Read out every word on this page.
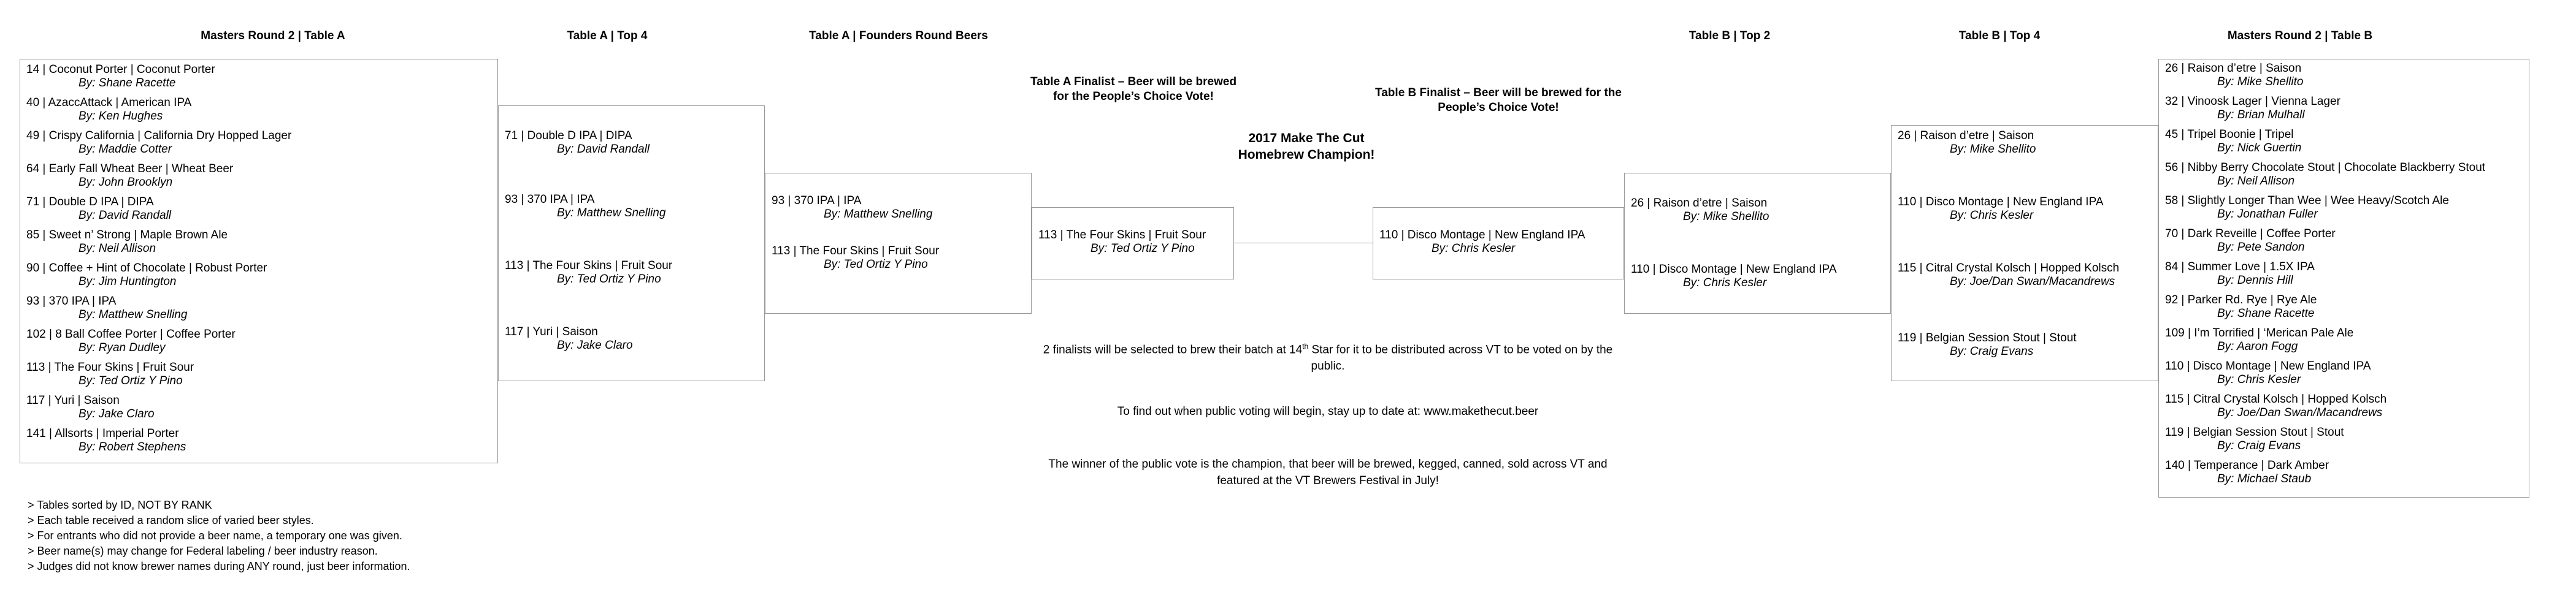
Masters Round 2 | Table A	Table A | Top 4	Table A | Founders Round Beers	Table B | Top 2	Table B | Top 4	Masters Round 2 | Table B
14 | Coconut Porter | Coconut Porter
By: Shane Racette
40 | AzaccAttack | American IPA
By: Ken Hughes
49 | Crispy California | California Dry Hopped Lager
By: Maddie Cotter
64 | Early Fall Wheat Beer | Wheat Beer
By: John Brooklyn
71 | Double D IPA | DIPA
By: David Randall
85 | Sweet n’ Strong | Maple Brown Ale
By: Neil Allison
90 | Coffee + Hint of Chocolate | Robust Porter
By: Jim Huntington
93 | 370 IPA | IPA
By: Matthew Snelling
102 | 8 Ball Coffee Porter | Coffee Porter
By: Ryan Dudley
113 | The Four Skins | Fruit Sour
By: Ted Ortiz Y Pino
117 | Yuri | Saison
By: Jake Claro
141 | Allsorts | Imperial Porter
By: Robert Stephens
71 | Double D IPA | DIPA
By: David Randall
93 | 370 IPA | IPA
By: Matthew Snelling
113 | The Four Skins | Fruit Sour
By: Ted Ortiz Y Pino
117 | Yuri | Saison
By: Jake Claro
93 | 370 IPA | IPA
By: Matthew Snelling
113 | The Four Skins | Fruit Sour
By: Ted Ortiz Y Pino
113 | The Four Skins | Fruit Sour
By: Ted Ortiz Y Pino
110 | Disco Montage | New England IPA
By: Chris Kesler
26 | Raison d’etre | Saison
By: Mike Shellito
110 | Disco Montage | New England IPA
By: Chris Kesler
26 | Raison d’etre | Saison
By: Mike Shellito
110 | Disco Montage | New England IPA
By: Chris Kesler
115 | Citral Crystal Kolsch | Hopped Kolsch
By: Joe/Dan Swan/Macandrews
119 | Belgian Session Stout | Stout
By: Craig Evans
26 | Raison d’etre | Saison
By: Mike Shellito
32 | Vinoosk Lager | Vienna Lager
By: Brian Mulhall
45 | Tripel Boonie | Tripel
By: Nick Guertin
56 | Nibby Berry Chocolate Stout | Chocolate Blackberry Stout
By: Neil Allison
58 | Slightly Longer Than Wee | Wee Heavy/Scotch Ale
By: Jonathan Fuller
70 | Dark Reveille | Coffee Porter
By: Pete Sandon
84 | Summer Love | 1.5X IPA
By: Dennis Hill
92 | Parker Rd. Rye | Rye Ale
By: Shane Racette
109 | I’m Torrified | ‘Merican Pale Ale
By: Aaron Fogg
110 | Disco Montage | New England IPA
By: Chris Kesler
115 | Citral Crystal Kolsch | Hopped Kolsch
By: Joe/Dan Swan/Macandrews
119 | Belgian Session Stout | Stout
By: Craig Evans
140 | Temperance | Dark Amber
By: Michael Staub
Table A Finalist – Beer will be brewed for the People’s Choice Vote!	Table B Finalist – Beer will be brewed for the People’s Choice Vote!
2017 Make The Cut Homebrew Champion!
2 finalists will be selected to brew their batch at 14th Star for it to be distributed across VT to be voted on by the public.
To find out when public voting will begin, stay up to date at: www.makethecut.beer
The winner of the public vote is the champion, that beer will be brewed, kegged, canned, sold across VT and featured at the VT Brewers Festival in July!
> Tables sorted by ID, NOT BY RANK
> Each table received a random slice of varied beer styles.
> For entrants who did not provide a beer name, a temporary one was given.
> Beer name(s) may change for Federal labeling / beer industry reason.
> Judges did not know brewer names during ANY round, just beer information.
